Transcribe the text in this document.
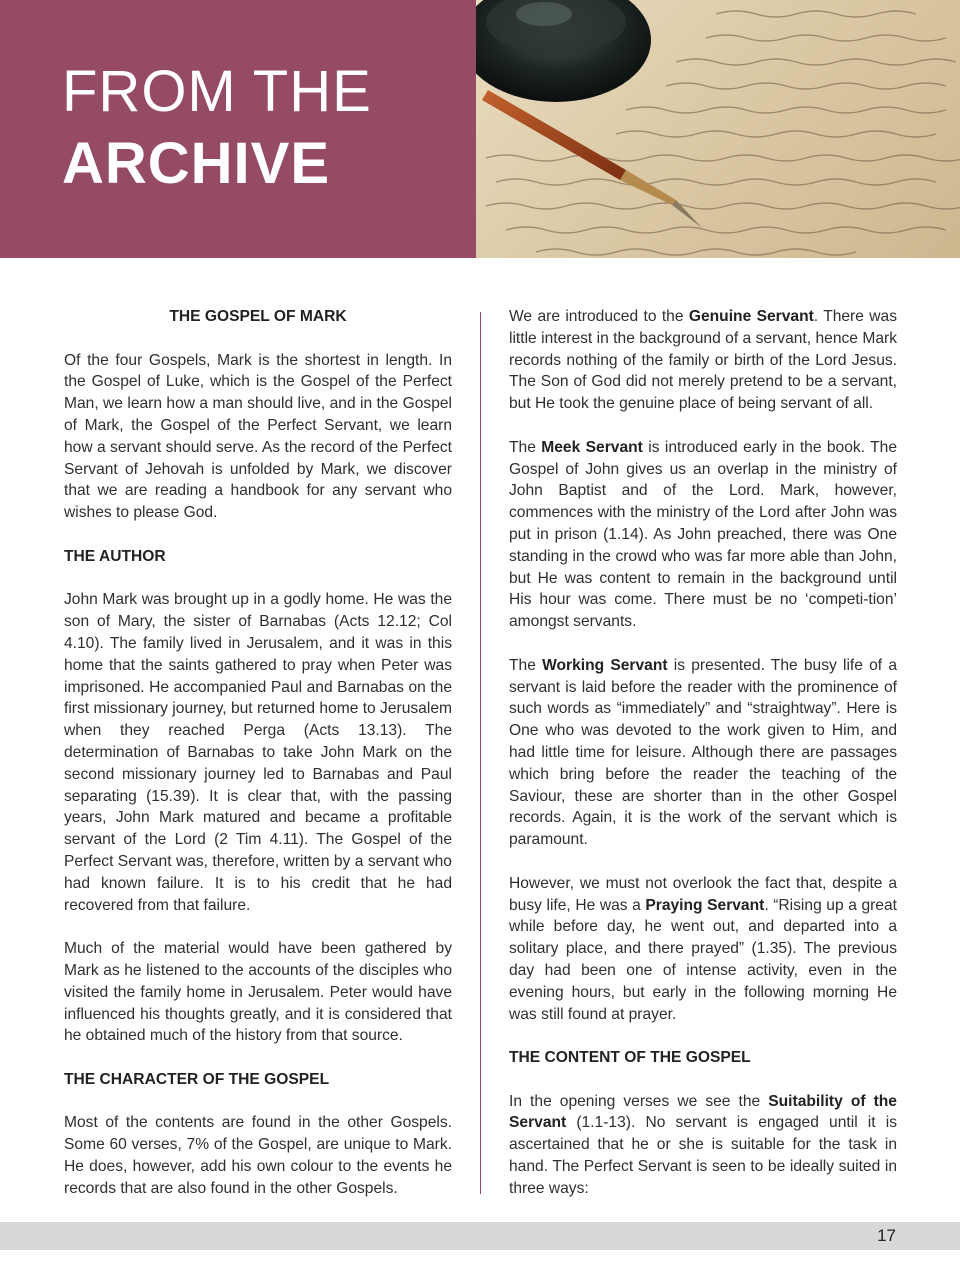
FROM THE
ARCHIVE
THE GOSPEL OF MARK

Of the four Gospels, Mark is the shortest in length. In the Gospel of Luke, which is the Gospel of the Perfect Man, we learn how a man should live, and in the Gospel of Mark, the Gospel of the Perfect Servant, we learn how a servant should serve. As the record of the Perfect Servant of Jehovah is unfolded by Mark, we discover that we are reading a handbook for any servant who wishes to please God.

THE AUTHOR

John Mark was brought up in a godly home. He was the son of Mary, the sister of Barnabas (Acts 12.12; Col 4.10). The family lived in Jerusalem, and it was in this home that the saints gathered to pray when Peter was imprisoned. He accompanied Paul and Barnabas on the first missionary journey, but returned home to Jerusalem when they reached Perga (Acts 13.13). The determination of Barnabas to take John Mark on the second missionary journey led to Barnabas and Paul separating (15.39). It is clear that, with the passing years, John Mark matured and became a profitable servant of the Lord (2 Tim 4.11). The Gospel of the Perfect Servant was, therefore, written by a servant who had known failure. It is to his credit that he had recovered from that failure.

Much of the material would have been gathered by Mark as he listened to the accounts of the disciples who visited the family home in Jerusalem. Peter would have influenced his thoughts greatly, and it is considered that he obtained much of the history from that source.

THE CHARACTER OF THE GOSPEL

Most of the contents are found in the other Gospels. Some 60 verses, 7% of the Gospel, are unique to Mark. He does, however, add his own colour to the events he records that are also found in the other Gospels.

We are introduced to the Genuine Servant. There was little interest in the background of a servant, hence Mark records nothing of the family or birth of the Lord Jesus. The Son of God did not merely pretend to be a servant, but He took the genuine place of being servant of all.

The Meek Servant is introduced early in the book. The Gospel of John gives us an overlap in the ministry of John Baptist and of the Lord. Mark, however, commences with the ministry of the Lord after John was put in prison (1.14). As John preached, there was One standing in the crowd who was far more able than John, but He was content to remain in the background until His hour was come. There must be no ‘competi-tion’ amongst servants.

The Working Servant is presented. The busy life of a servant is laid before the reader with the prominence of such words as “immediately” and “straightway”. Here is One who was devoted to the work given to Him, and had little time for leisure. Although there are passages which bring before the reader the teaching of the Saviour, these are shorter than in the other Gospel records. Again, it is the work of the servant which is paramount.

However, we must not overlook the fact that, despite a busy life, He was a Praying Servant. “Rising up a great while before day, he went out, and departed into a solitary place, and there prayed” (1.35). The previous day had been one of intense activity, even in the evening hours, but early in the following morning He was still found at prayer.

THE CONTENT OF THE GOSPEL

In the opening verses we see the Suitability of the Servant (1.1-13). No servant is engaged until it is ascertained that he or she is suitable for the task in hand. The Perfect Servant is seen to be ideally suited in three ways:

17
